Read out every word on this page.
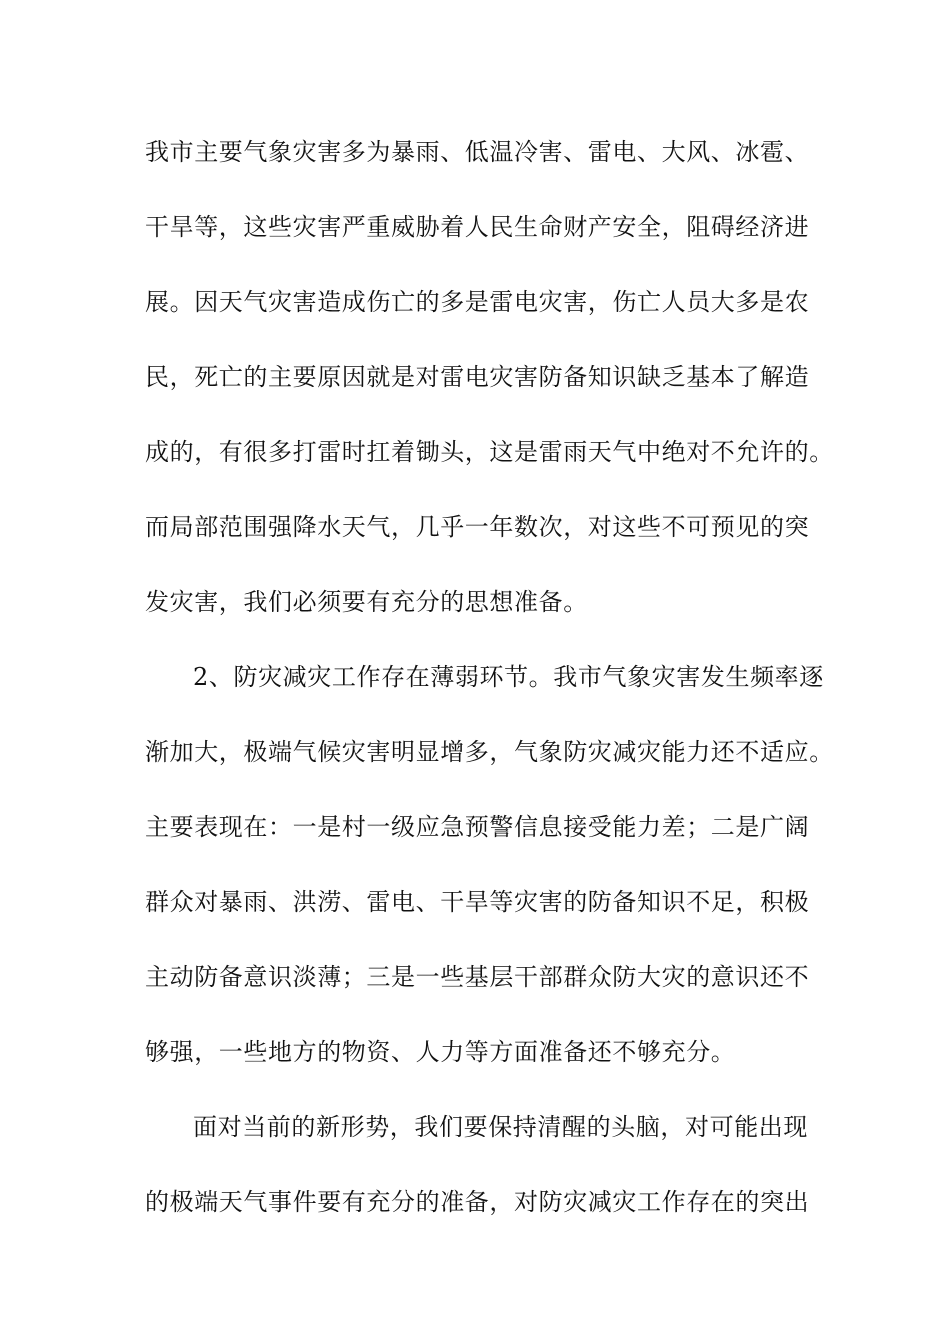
我市主要气象灾害多为暴雨、低温冷害、雷电、大风、冰雹、
干旱等，这些灾害严重威胁着人民生命财产安全，阻碍经济进
展。因天气灾害造成伤亡的多是雷电灾害，伤亡人员大多是农
民，死亡的主要原因就是对雷电灾害防备知识缺乏基本了解造
成的，有很多打雷时扛着锄头，这是雷雨天气中绝对不允许的。
而局部范围强降水天气，几乎一年数次，对这些不可预见的突
发灾害，我们必须要有充分的思想准备。
2、防灾减灾工作存在薄弱环节。我市气象灾害发生频率逐
渐加大，极端气候灾害明显增多，气象防灾减灾能力还不适应。
主要表现在：一是村一级应急预警信息接受能力差；二是广阔
群众对暴雨、洪涝、雷电、干旱等灾害的防备知识不足，积极
主动防备意识淡薄；三是一些基层干部群众防大灾的意识还不
够强，一些地方的物资、人力等方面准备还不够充分。
面对当前的新形势，我们要保持清醒的头脑，对可能出现
的极端天气事件要有充分的准备，对防灾减灾工作存在的突出
